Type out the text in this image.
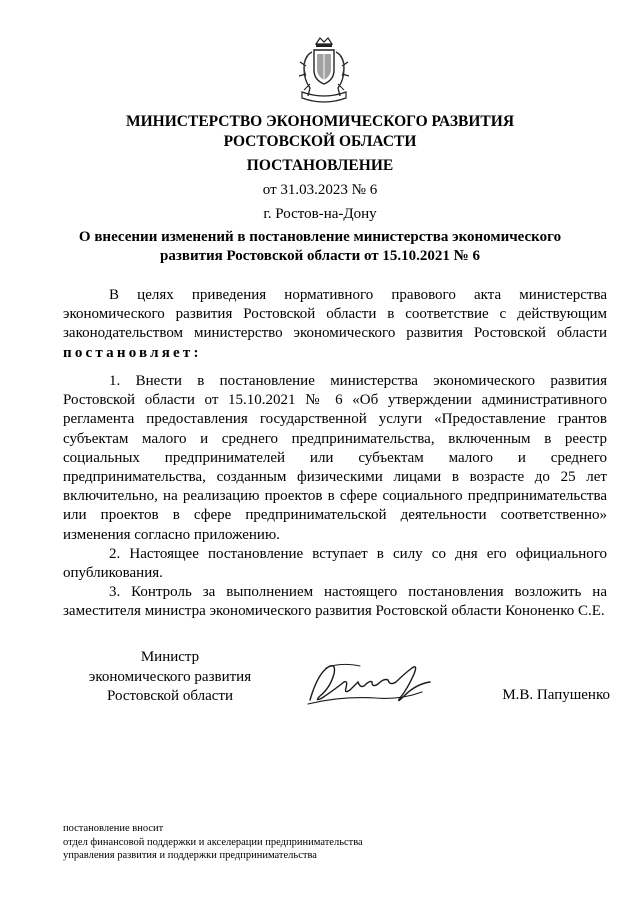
МИНИСТЕРСТВО ЭКОНОМИЧЕСКОГО РАЗВИТИЯ
РОСТОВСКОЙ ОБЛАСТИ
ПОСТАНОВЛЕНИЕ
от 31.03.2023 № 6
г. Ростов-на-Дону
О внесении изменений в постановление министерства экономического
развития Ростовской области от 15.10.2021 № 6
В целях приведения нормативного правового акта министерства экономического развития Ростовской области в соответствие с действующим законодательством министерство экономического развития Ростовской области постановляет:
1. Внести в постановление министерства экономического развития Ростовской области от 15.10.2021 № 6 «Об утверждении административного регламента предоставления государственной услуги «Предоставление грантов субъектам малого и среднего предпринимательства, включенным в реестр социальных предпринимателей или субъектам малого и среднего предпринимательства, созданным физическими лицами в возрасте до 25 лет включительно, на реализацию проектов в сфере социального предпринимательства или проектов в сфере предпринимательской деятельности соответственно» изменения согласно приложению.
2. Настоящее постановление вступает в силу со дня его официального опубликования.
3. Контроль за выполнением настоящего постановления возложить на заместителя министра экономического развития Ростовской области Кононенко С.Е.
Министр
экономического развития
Ростовской области	М.В. Папушенко
постановление вносит
отдел финансовой поддержки и акселерации предпринимательства
управления развития и поддержки предпринимательства
